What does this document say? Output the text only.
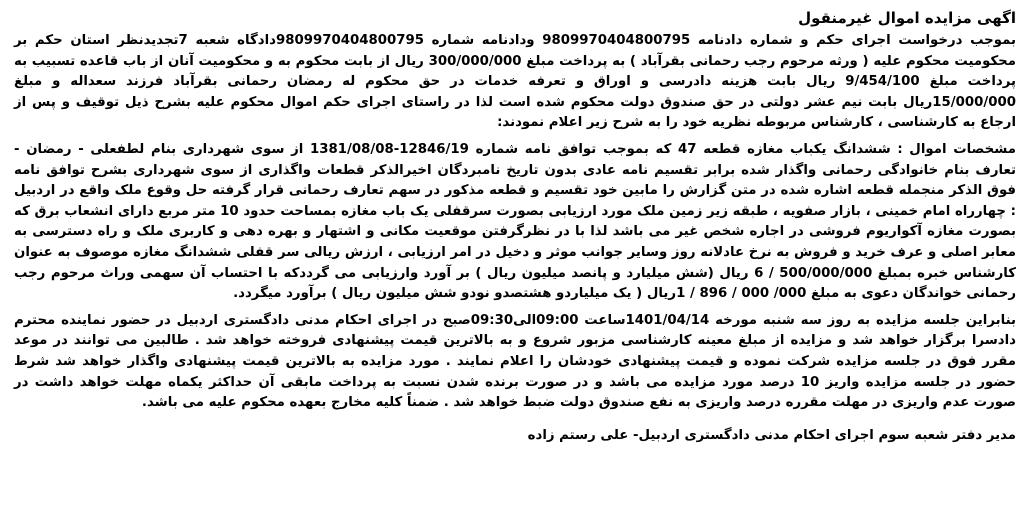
اگهی مزایده اموال غیرمنقول

بموجب درخواست اجرای حکم و شماره دادنامه 9809970404800795 ودادنامه شماره 9809970404800795دادگاه شعبه 7تجدیدنظر استان حکم بر محکومیت محکوم علیه ( ورثه مرحوم رجب رحمانی بقرآباد ) به پرداخت مبلغ 300/000/000 ریال از بابت محکوم به و محکومیت آنان از باب قاعده تسبیب به پرداخت مبلغ 9/454/100 ریال بابت هزینه دادرسی و اوراق و تعرفه خدمات در حق محکوم له رمضان رحمانی بقرآباد فرزند سعداله و مبلغ 15/000/000ریال بابت نیم عشر دولتی در حق صندوق دولت محکوم شده است لذا در راستای اجرای حکم اموال محکوم علیه بشرح ذیل توقیف و پس از ارجاع به کارشناسی ، کارشناس مربوطه نظریه خود را به شرح زیر اعلام نمودند:

مشخصات اموال : ششدانگ یکباب مغازه قطعه 47 که بموجب توافق نامه شماره 12846/19-1381/08/08 از سوی شهرداری بنام لطفعلی - رمضان - تعارف بنام خانوادگی رحمانی واگذار شده برابر تقسیم نامه عادی بدون تاریخ نامبردگان اخیرالذکر قطعات واگذاری از سوی شهرداری بشرح توافق نامه فوق الذکر منجمله قطعه اشاره شده در متن گزارش را مابین خود تقسیم و قطعه مذکور در سهم تعارف رحمانی قرار گرفته حل وقوع ملک واقع در اردبیل : چهارراه امام خمینی ، بازار صفویه ، طبقه زیر زمین ملک مورد ارزیابی بصورت سرقفلی یک باب مغازه بمساحت حدود 10 متر مربع دارای انشعاب برق که بصورت مغازه آکواریوم فروشی در اجاره شخص غیر می باشد لذا با در نظرگرفتن موقعیت مکانی و اشتهار و بهره دهی و کاربری ملک و راه دسترسی به معابر اصلی و عرف خرید و فروش به نرخ عادلانه روز وسایر جوانب موثر و دخیل در امر ارزیابی ، ارزش ریالی سر قفلی ششدانگ مغازه موصوف به عنوان کارشناس خبره بمبلغ 500/000/000 / 6 ریال (شش میلیارد و پانصد میلیون ریال ) بر آورد وارزیابی می گرددکه با احتساب آن سهمی وراث مرحوم رجب رحمانی خواندگان دعوی به مبلغ 000/ 000 / 896 / 1ریال ( یک میلیاردو هشتصدو نودو شش میلیون ریال ) برآورد میگردد.

بنابراین جلسه مزایده به روز سه شنبه مورخه 1401/04/14ساعت 09:00الی09:30صبح در اجرای احکام مدنی دادگستری اردبیل در حضور نماینده محترم دادسرا برگزار خواهد شد و مزایده از مبلغ معینه کارشناسی مزبور شروع و به بالاترین قیمت پیشنهادی فروخته خواهد شد . طالبین می توانند در موعد مقرر فوق در جلسه مزایده شرکت نموده و قیمت پیشنهادی خودشان را اعلام نمایند . مورد مزایده به بالاترین قیمت پیشنهادی واگذار خواهد شد شرط حضور در جلسه مزایده واریز 10 درصد مورد مزایده می باشد و در صورت برنده شدن نسبت به پرداخت مابقی آن حداکثر یکماه مهلت خواهد داشت در صورت عدم واریزی در مهلت مقرره درصد واریزی به نفع صندوق دولت ضبط خواهد شد . ضمناً کلیه مخارج بعهده محکوم علیه می باشد.

مدیر دفتر شعبه سوم اجرای احکام مدنی دادگستری اردبیل- علی رستم زاده
